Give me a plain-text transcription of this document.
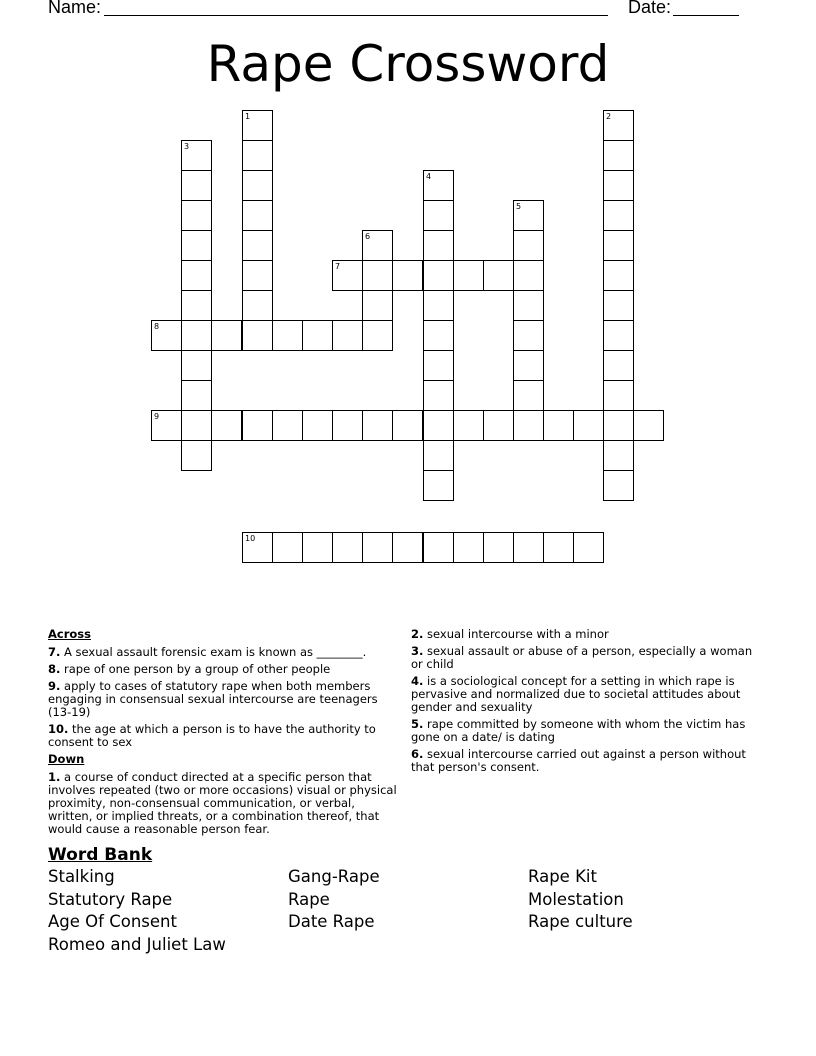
Name:	Date:
Rape Crossword
1	2
3
4
5
6
7
8
9
10
Across
7. A sexual assault forensic exam is known as ________.
8. rape of one person by a group of other people
9. apply to cases of statutory rape when both members engaging in consensual sexual intercourse are teenagers (13-19)
10. the age at which a person is to have the authority to consent to sex
Down
1. a course of conduct directed at a specific person that involves repeated (two or more occasions) visual or physical proximity, non-consensual communication, or verbal, written, or implied threats, or a combination thereof, that would cause a reasonable person fear.
2. sexual intercourse with a minor
3. sexual assault or abuse of a person, especially a woman or child
4. is a sociological concept for a setting in which rape is pervasive and normalized due to societal attitudes about gender and sexuality
5. rape committed by someone with whom the victim has gone on a date/ is dating
6. sexual intercourse carried out against a person without that person's consent.
Word Bank
Stalking	Gang-Rape	Rape Kit
Statutory Rape	Rape	Molestation
Age Of Consent	Date Rape	Rape culture
Romeo and Juliet Law
